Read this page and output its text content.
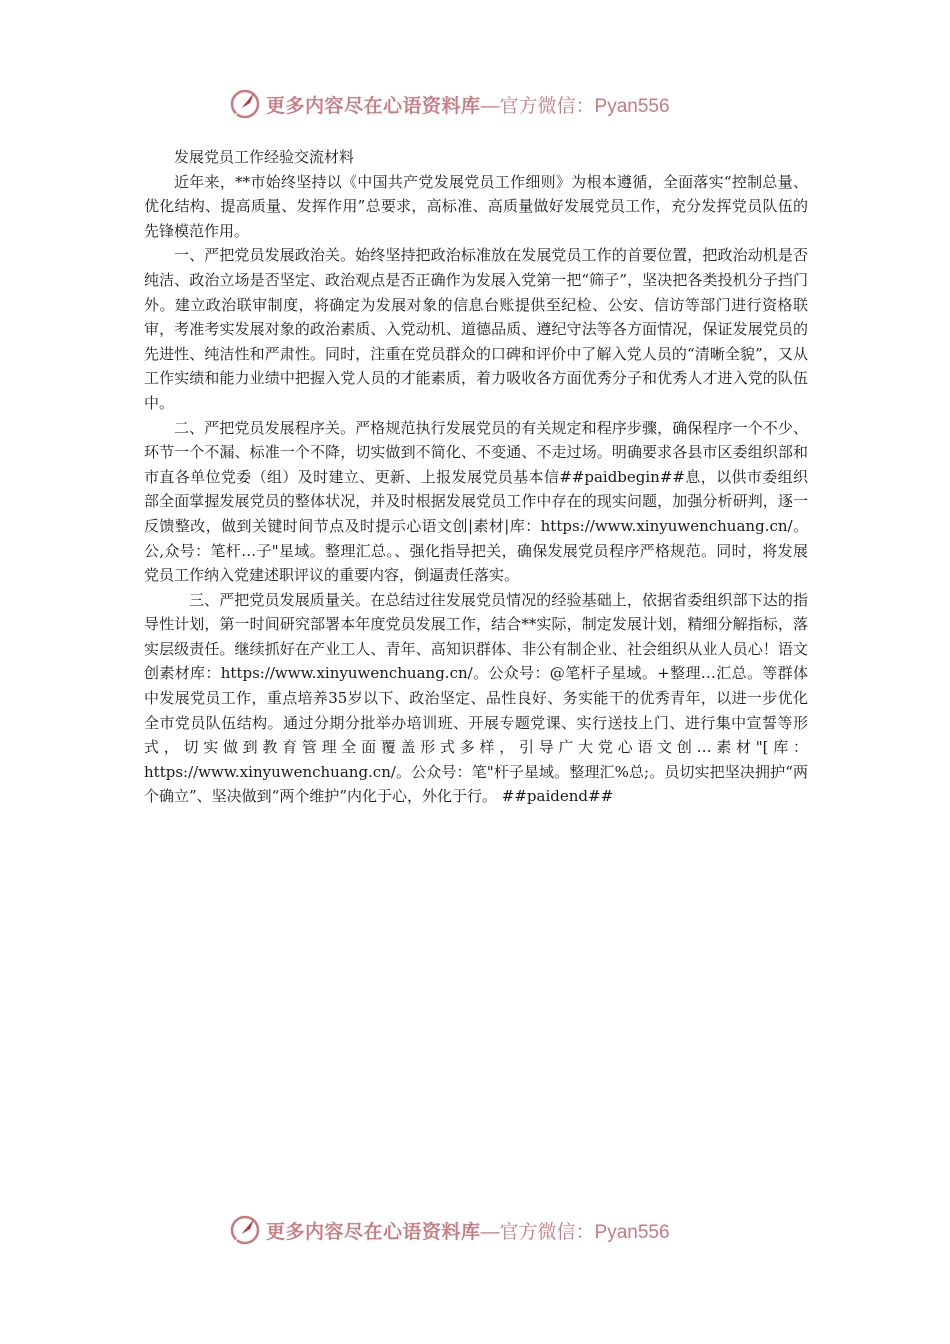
更多内容尽在心语资料库 —官方微信：Pyan556

发展党员工作经验交流材料

近年来，**市始终坚持以《中国共产党发展党员工作细则》为根本遵循，全面落实“控制总量、优化结构、提高质量、发挥作用”总要求，高标准、高质量做好发展党员工作，充分发挥党员队伍的先锋模范作用。

一、严把党员发展政治关。始终坚持把政治标准放在发展党员工作的首要位置，把政治动机是否纯洁、政治立场是否坚定、政治观点是否正确作为发展入党第一把“筛子”，坚决把各类投机分子挡门外。建立政治联审制度，将确定为发展对象的信息台账提供至纪检、公安、信访等部门进行资格联审，考准考实发展对象的政治素质、入党动机、道德品质、遵纪守法等各方面情况，保证发展党员的先进性、纯洁性和严肃性。同时，注重在党员群众的口碑和评价中了解入党人员的“清晰全貌”，又从工作实绩和能力业绩中把握入党人员的才能素质，着力吸收各方面优秀分子和优秀人才进入党的队伍中。

二、严把党员发展程序关。严格规范执行发展党员的有关规定和程序步骤，确保程序一个不少、环节一个不漏、标准一个不降，切实做到不简化、不变通、不走过场。明确要求各县市区委组织部和市直各单位党委（组）及时建立、更新、上报发展党员基本信##paidbegin##息，以供市委组织部全面掌握发展党员的整体状况，并及时根据发展党员工作中存在的现实问题，加强分析研判，逐一反馈整改，做到关键时间节点及时提示心语文创|素材|库：https://www.xinyuwenchuang.cn/。公,众号：笔杆…子"星域。整理汇总。、强化指导把关，确保发展党员程序严格规范。同时，将发展党员工作纳入党建述职评议的重要内容，倒逼责任落实。

三、严把党员发展质量关。在总结过往发展党员情况的经验基础上，依据省委组织部下达的指导性计划，第一时间研究部署本年度党员发展工作，结合**实际，制定发展计划，精细分解指标，落实层级责任。继续抓好在产业工人、青年、高知识群体、非公有制企业、社会组织从业人员心！语文创素材库：https://www.xinyuwenchuang.cn/。公众号：@笔杆子星域。+整理…汇总。等群体中发展党员工作，重点培养35岁以下、政治坚定、品性良好、务实能干的优秀青年，以进一步优化全市党员队伍结构。通过分期分批举办培训班、开展专题党课、实行送技上门、进行集中宣誓等形式，切实做到教育管理全面覆盖形式多样，引导广大党心语文创…素材"[库：https://www.xinyuwenchuang.cn/。公众号：笔"杆子星域。整理汇%总;。员切实把坚决拥护“两个确立”、坚决做到“两个维护”内化于心，外化于行。 ##paidend##

更多内容尽在心语资料库 —官方微信：Pyan556
